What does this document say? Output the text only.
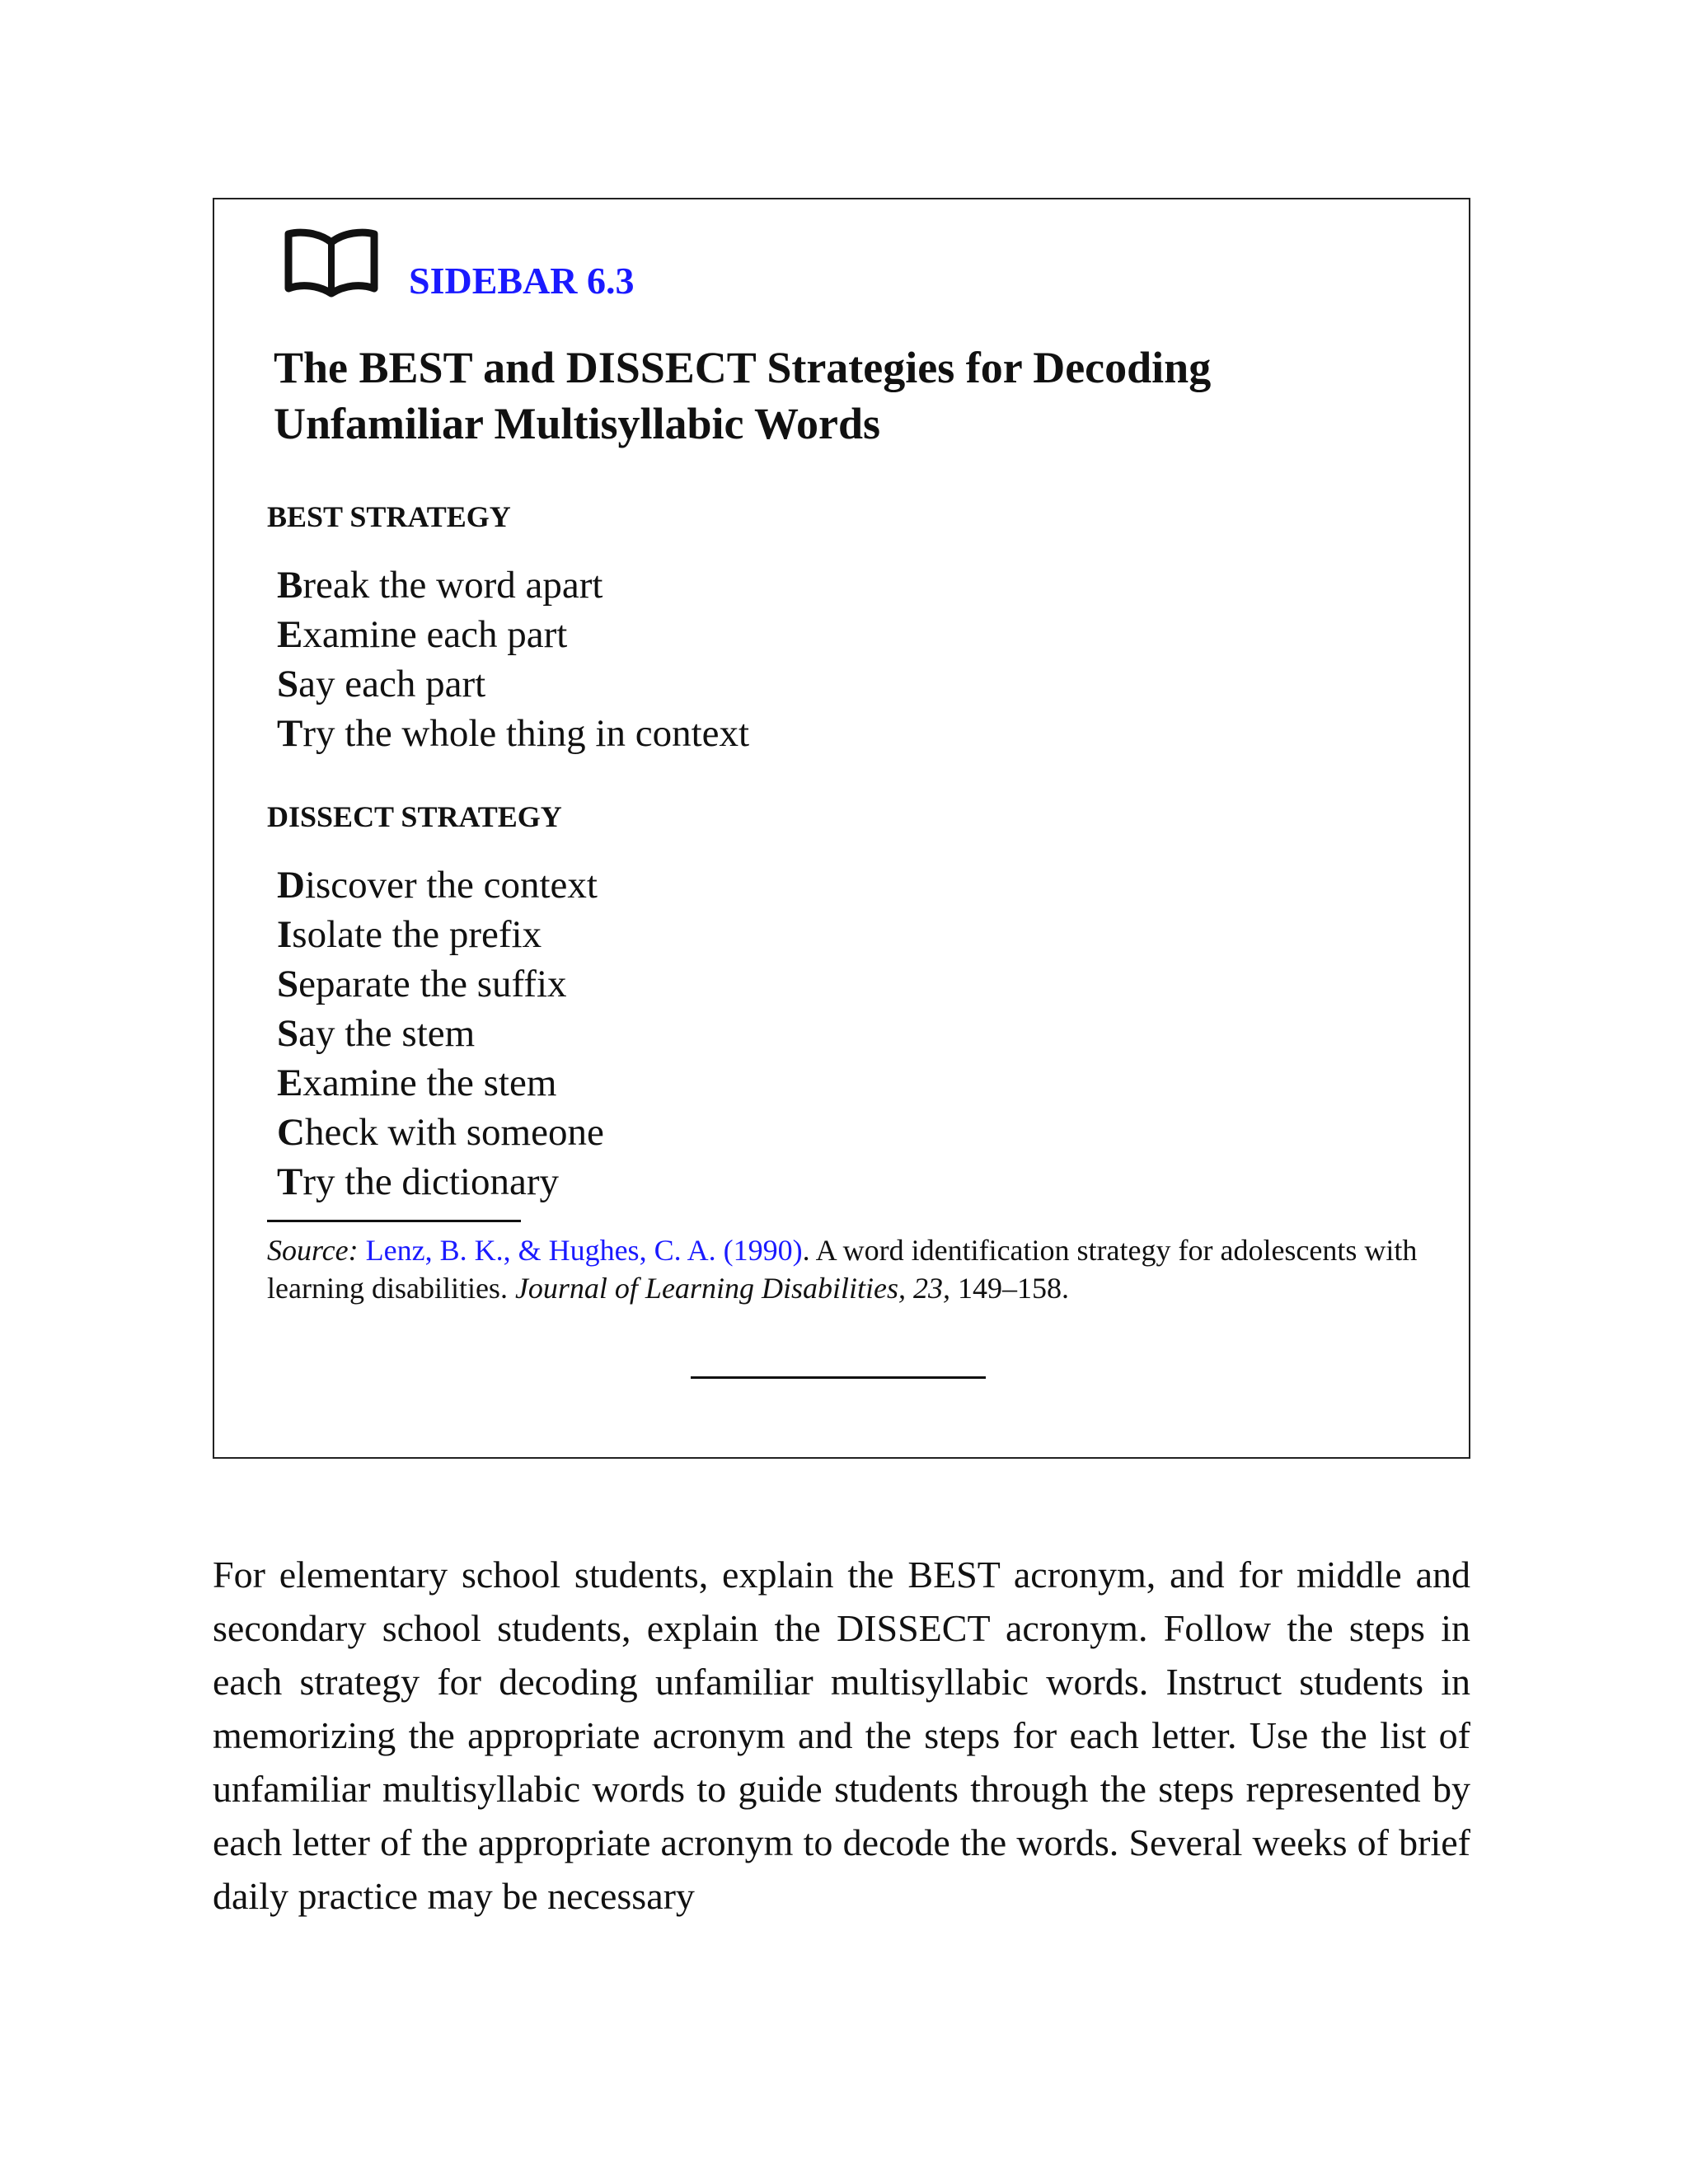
SIDEBAR 6.3
The BEST and DISSECT Strategies for Decoding
Unfamiliar Multisyllabic Words
BEST STRATEGY
Break the word apart
Examine each part
Say each part
Try the whole thing in context
DISSECT STRATEGY
Discover the context
Isolate the prefix
Separate the suffix
Say the stem
Examine the stem
Check with someone
Try the dictionary

Source: Lenz, B. K., & Hughes, C. A. (1990). A word identification strategy for adolescents with learning disabilities. Journal of Learning Disabilities, 23, 149–158.

For elementary school students, explain the BEST acronym, and for middle and secondary school students, explain the DISSECT acronym. Follow the steps in each strategy for decoding unfamiliar multisyllabic words. Instruct students in memorizing the appropriate acronym and the steps for each letter. Use the list of unfamiliar multisyllabic words to guide students through the steps represented by each letter of the appropriate acronym to decode the words. Several weeks of brief daily practice may be necessary
